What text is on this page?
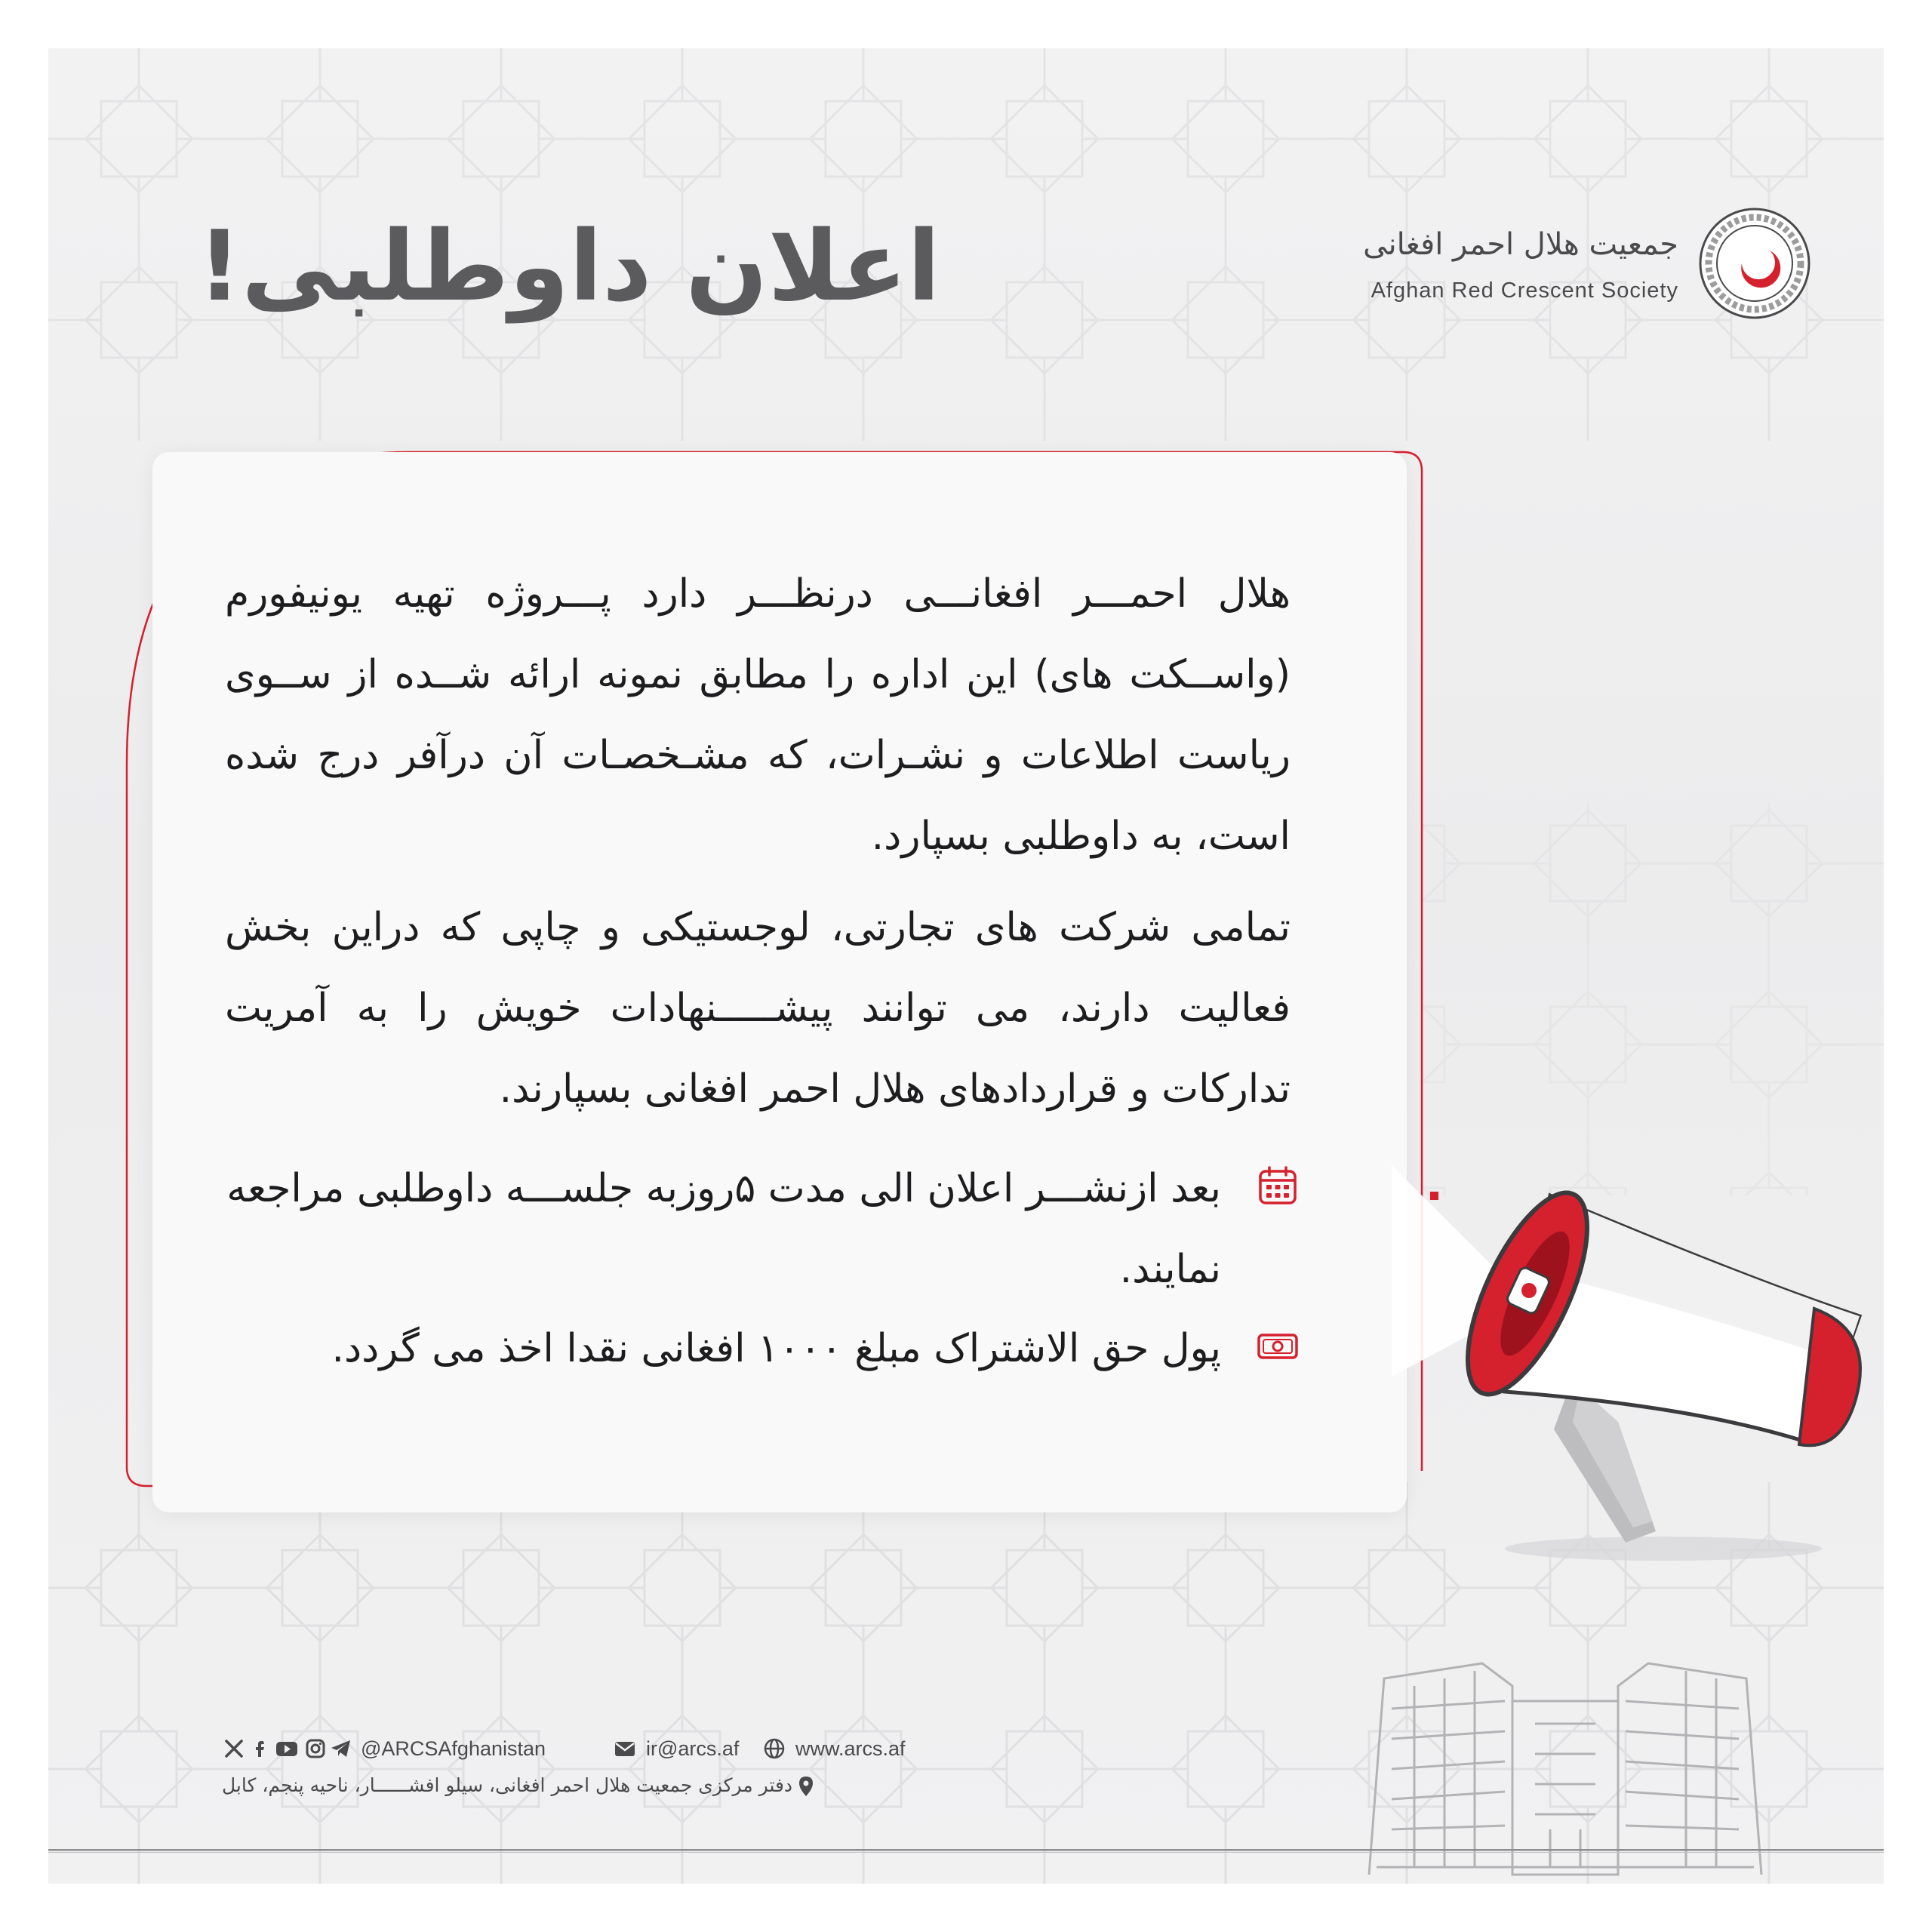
اعلان داوطلبی!	جمعیت هلال احمر افغانی
Afghan Red Crescent Society

هلال احمـــر افغانـــی درنظـــر دارد پـــروژه تهیه یونیفورم (واســکت های) این اداره را مطابق نمونه ارائه شــده از ســوی ریاست اطلاعات و نشـرات، که مشـخصـات آن درآفر درج شده است، به داوطلبی بسپارد.

تمامی شرکت های تجارتی، لوجستیکی و چاپی که دراین بخش فعالیت دارند، می توانند پیشـــــنهادات خویش را به آمریت تدارکات و قراردادهای هلال احمر افغانی بسپارند.

بعد ازنشـــر اعلان الی مدت ۵روزبه جلســـه داوطلبی مراجعه نمایند.

پول حق الاشتراک مبلغ ۱۰۰۰ افغانی نقدا اخذ می گردد.

@ARCSAfghanistan	ir@arcs.af	www.arcs.af
دفتر مرکزی جمعیت هلال احمر افغانی، سیلو افشــــــار، ناحیه پنجم، کابل
